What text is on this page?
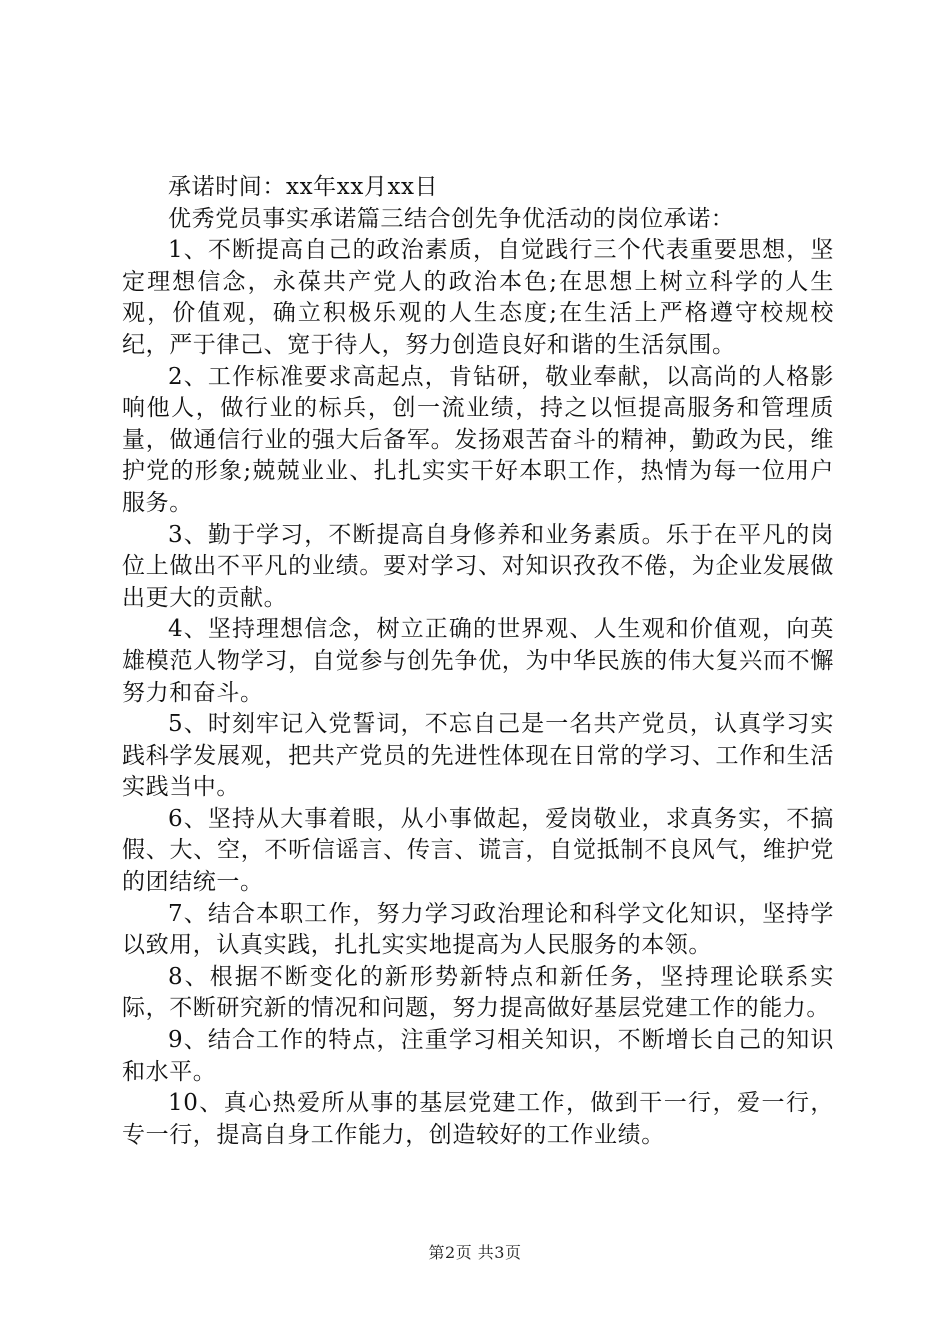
承诺时间：xx年xx月xx日

优秀党员事实承诺篇三结合创先争优活动的岗位承诺：

1、不断提高自己的政治素质，自觉践行三个代表重要思想，坚定理想信念，永葆共产党人的政治本色;在思想上树立科学的人生观，价值观，确立积极乐观的人生态度;在生活上严格遵守校规校纪，严于律己、宽于待人，努力创造良好和谐的生活氛围。

2、工作标准要求高起点，肯钻研，敬业奉献，以高尚的人格影响他人，做行业的标兵，创一流业绩，持之以恒提高服务和管理质量，做通信行业的强大后备军。发扬艰苦奋斗的精神，勤政为民，维护党的形象;兢兢业业、扎扎实实干好本职工作，热情为每一位用户服务。

3、勤于学习，不断提高自身修养和业务素质。乐于在平凡的岗位上做出不平凡的业绩。要对学习、对知识孜孜不倦，为企业发展做出更大的贡献。

4、坚持理想信念，树立正确的世界观、人生观和价值观，向英雄模范人物学习，自觉参与创先争优，为中华民族的伟大复兴而不懈努力和奋斗。

5、时刻牢记入党誓词，不忘自己是一名共产党员，认真学习实践科学发展观，把共产党员的先进性体现在日常的学习、工作和生活实践当中。

6、坚持从大事着眼，从小事做起，爱岗敬业，求真务实，不搞假、大、空，不听信谣言、传言、谎言，自觉抵制不良风气，维护党的团结统一。

7、结合本职工作，努力学习政治理论和科学文化知识，坚持学以致用，认真实践，扎扎实实地提高为人民服务的本领。

8、根据不断变化的新形势新特点和新任务，坚持理论联系实际，不断研究新的情况和问题，努力提高做好基层党建工作的能力。

9、结合工作的特点，注重学习相关知识，不断增长自己的知识和水平。

10、真心热爱所从事的基层党建工作，做到干一行，爱一行，专一行，提高自身工作能力，创造较好的工作业绩。

第2页 共3页
